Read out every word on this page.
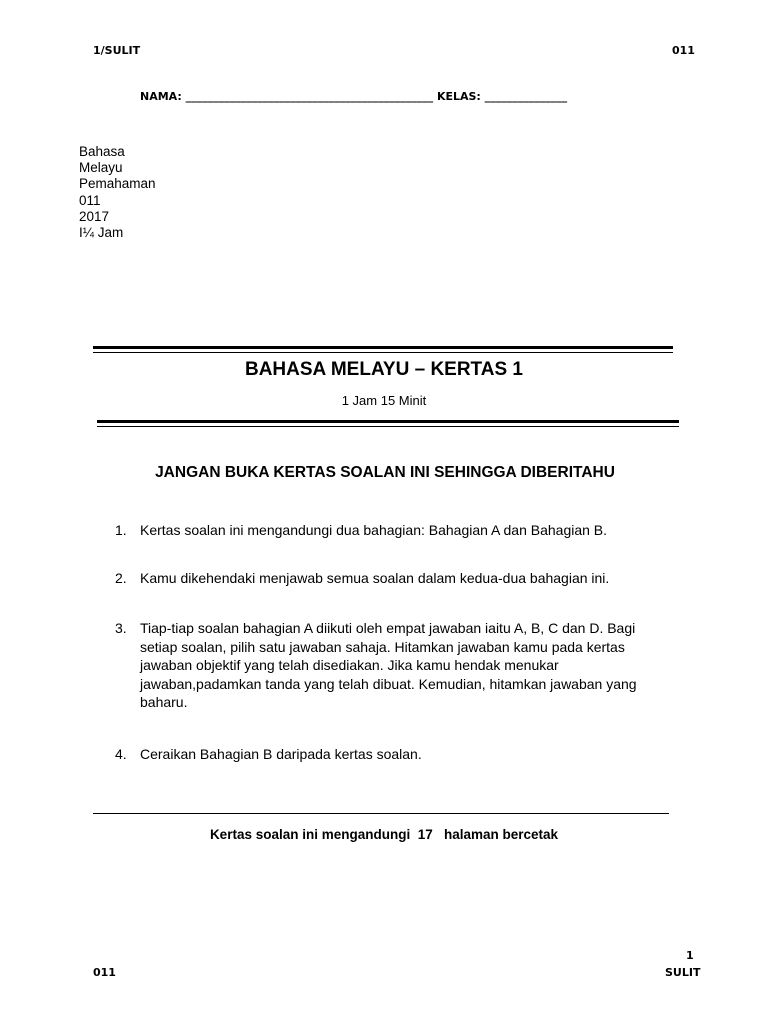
1/SULIT	011
NAMA: _____________________________________________ KELAS: _______________
Bahasa
Melayu
Pemahaman
011
2017
I¼ Jam
BAHASA MELAYU – KERTAS 1
1 Jam 15 Minit
JANGAN BUKA KERTAS SOALAN INI SEHINGGA DIBERITAHU
1. Kertas soalan ini mengandungi dua bahagian: Bahagian A dan Bahagian B.
2. Kamu dikehendaki menjawab semua soalan dalam kedua-dua bahagian ini.
3. Tiap-tiap soalan bahagian A diikuti oleh empat jawaban iaitu A, B, C dan D. Bagi setiap soalan, pilih satu jawaban sahaja. Hitamkan jawaban kamu pada kertas jawaban objektif yang telah disediakan. Jika kamu hendak menukar jawaban,padamkan tanda yang telah dibuat. Kemudian, hitamkan jawaban yang baharu.
4. Ceraikan Bahagian B daripada kertas soalan.
Kertas soalan ini mengandungi  17   halaman bercetak
1
011	SULIT
